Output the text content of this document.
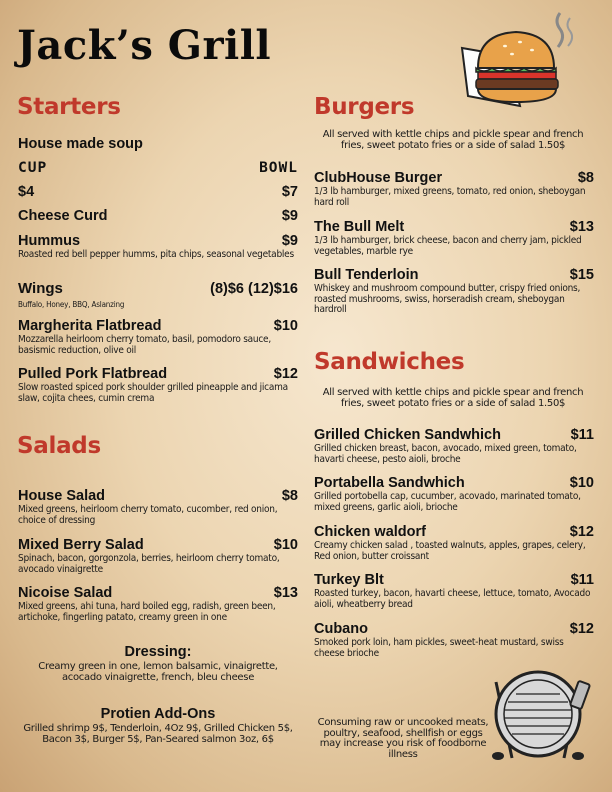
Jack’s Grill
Starters
House made soup
CUP	BOWL
$4	$7
Cheese Curd	$9
Hummus	$9
Roasted red bell pepper humms, pita chips, seasonal vegetables
Wings	(8)$6 (12)$16
Buffalo, Honey, BBQ, Aslanzing
Margherita Flatbread	$10
Mozzarella heirloom cherry tomato, basil, pomodoro sauce, basismic reduction, olive oil
Pulled Pork Flatbread	$12
Slow roasted spiced pork shoulder grilled pineapple and jicama slaw, cojita chees, cumin crema
Salads
House Salad	$8
Mixed greens, heirloom cherry tomato, cucomber, red onion, choice of dressing
Mixed Berry Salad	$10
Spinach, bacon, gorgonzola, berries, heirloom cherry tomato, avocado vinaigrette
Nicoise Salad	$13
Mixed greens, ahi tuna, hard boiled egg, radish, green been, artichoke, fingerling patato, creamy green in one
Dressing:
Creamy green in one, lemon balsamic, vinaigrette, acocado vinaigrette, french, bleu cheese
Protien Add-Ons
Grilled shrimp 9$, Tenderloin, 4Oz 9$, Grilled Chicken 5$, Bacon 3$, Burger 5$, Pan-Seared salmon 3oz, 6$
Burgers
All served with kettle chips and pickle spear and french fries, sweet potato fries or a side of salad 1.50$
ClubHouse Burger	$8
1/3 lb hamburger, mixed greens, tomato, red onion, sheboygan hard roll
The Bull Melt	$13
1/3 lb hamburger, brick cheese, bacon and cherry jam, pickled vegetables, marble rye
Bull Tenderloin	$15
Whiskey and mushroom compound butter, crispy fried onions, roasted mushrooms, swiss, horseradish cream, sheboygan hardroll
Sandwiches
All served with kettle chips and pickle spear and french fries, sweet potato fries or a side of salad 1.50$
Grilled Chicken Sandwhich	$11
Grilled chicken breast, bacon, avocado, mixed green, tomato, havarti cheese, pesto aioli, broche
Portabella Sandwhich	$10
Grilled portobella cap, cucumber, acovado, marinated tomato, mixed greens, garlic aioli, brioche
Chicken waldorf	$12
Creamy chicken salad , toasted walnuts, apples, grapes, celery, Red onion, butter croissant
Turkey Blt	$11
Roasted turkey, bacon, havarti cheese, lettuce, tomato, Avocado aioli, wheatberry bread
Cubano	$12
Smoked pork loin, ham pickles, sweet-heat mustard, swiss cheese brioche
Consuming raw or uncooked meats, poultry, seafood, shellfish or eggs may increase you risk of foodborne illness
